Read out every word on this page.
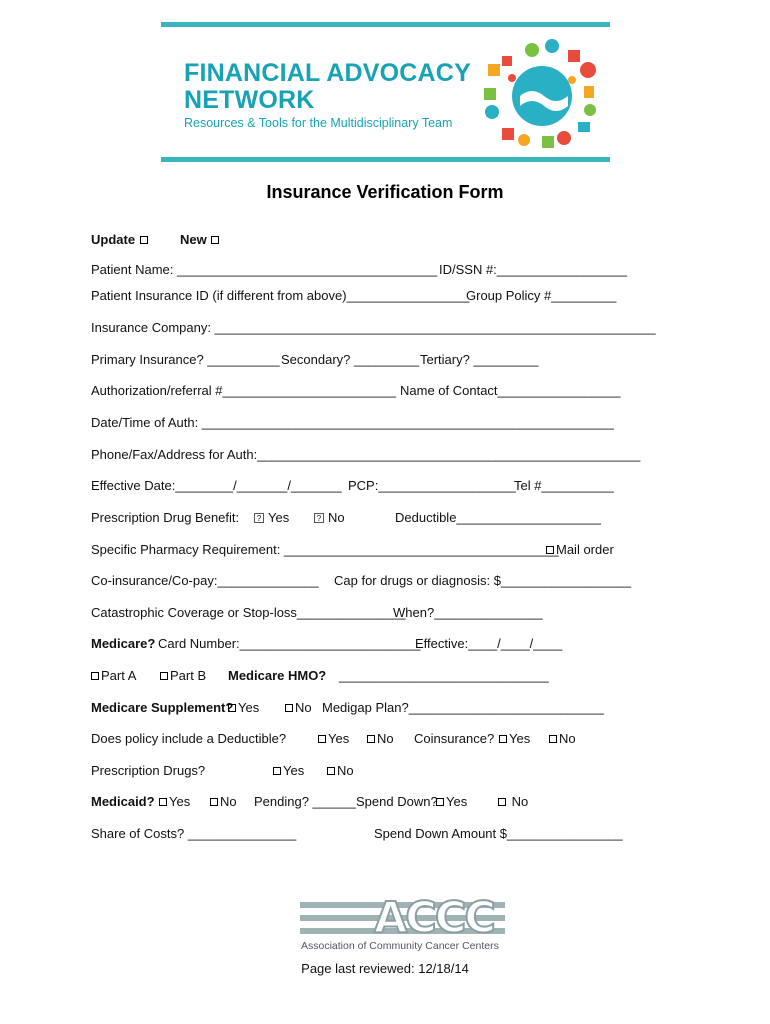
FINANCIAL ADVOCACY
NETWORK
Resources & Tools for the Multidisciplinary Team
Insurance Verification Form
Update	New
Patient Name: ____________________________________ ID/SSN #:__________________
Patient Insurance ID (if different from above)_________________
Group Policy #_________
Insurance Company: _____________________________________________________________
Primary Insurance? __________ Secondary? _________ Tertiary? _________
Authorization/referral #________________________ Name of Contact_________________
Date/Time of Auth: _________________________________________________________
Phone/Fax/Address for Auth:_____________________________________________________
Effective Date:________/_______/_______ PCP:___________________
Tel #__________
Prescription Drug Benefit:	? Yes	? No	Deductible____________________
Specific Pharmacy Requirement: ______________________________________
Mail order
Co-insurance/Co-pay:______________ Cap for drugs or diagnosis: $__________________
Catastrophic Coverage or Stop-loss_______________
When?_______________
Medicare? Card Number:_________________________
Effective:____/____/____
Part A	Part B Medicare HMO? _____________________________
Medicare Supplement? Yes	No Medigap Plan?___________________________
Does policy include a Deductible?	Yes	No Coinsurance?	Yes	No
Prescription Drugs?	Yes	No
Medicaid?	Yes	No Pending? ______ Spend Down? Yes	No
Share of Costs? _______________	Spend Down Amount $________________
ACCC
Association of Community Cancer Centers
Page last reviewed: 12/18/14
